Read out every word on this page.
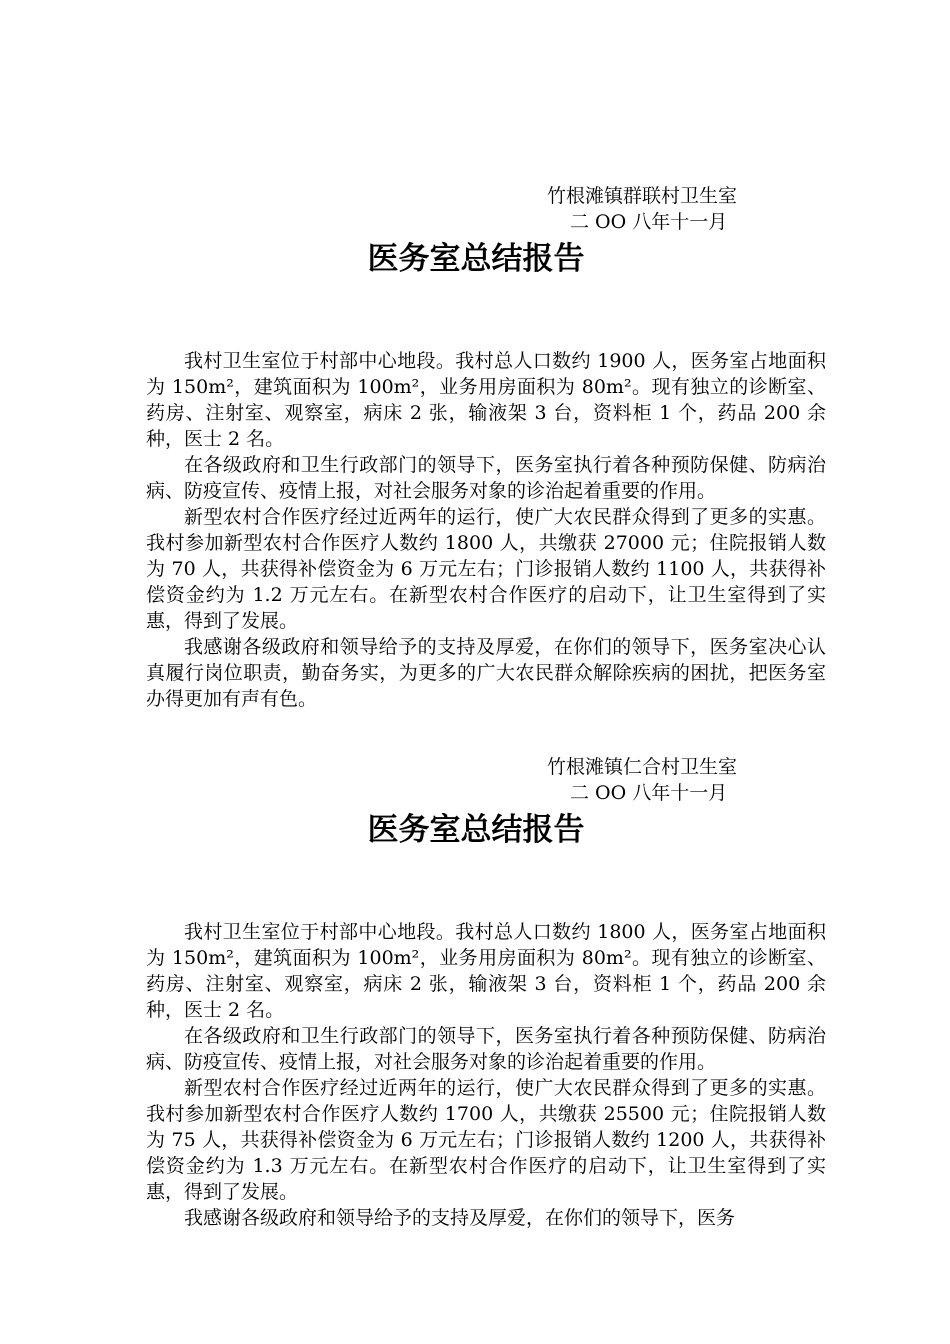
竹根滩镇群联村卫生室
二 OO 八年十一月
医务室总结报告

我村卫生室位于村部中心地段。我村总人口数约 1900 人，医务室占地面积为 150m²，建筑面积为 100m²，业务用房面积为 80m²。现有独立的诊断室、药房、注射室、观察室，病床 2 张，输液架 3 台，资料柜 1 个，药品 200 余种，医士 2 名。

在各级政府和卫生行政部门的领导下，医务室执行着各种预防保健、防病治病、防疫宣传、疫情上报，对社会服务对象的诊治起着重要的作用。

新型农村合作医疗经过近两年的运行，使广大农民群众得到了更多的实惠。我村参加新型农村合作医疗人数约 1800 人，共缴获 27000 元；住院报销人数为 70 人，共获得补偿资金为 6 万元左右；门诊报销人数约 1100 人，共获得补偿资金约为 1.2 万元左右。在新型农村合作医疗的启动下，让卫生室得到了实惠，得到了发展。

我感谢各级政府和领导给予的支持及厚爱，在你们的领导下，医务室决心认真履行岗位职责，勤奋务实，为更多的广大农民群众解除疾病的困扰，把医务室办得更加有声有色。

竹根滩镇仁合村卫生室
二 OO 八年十一月
医务室总结报告

我村卫生室位于村部中心地段。我村总人口数约 1800 人，医务室占地面积为 150m²，建筑面积为 100m²，业务用房面积为 80m²。现有独立的诊断室、药房、注射室、观察室，病床 2 张，输液架 3 台，资料柜 1 个，药品 200 余种，医士 2 名。

在各级政府和卫生行政部门的领导下，医务室执行着各种预防保健、防病治病、防疫宣传、疫情上报，对社会服务对象的诊治起着重要的作用。

新型农村合作医疗经过近两年的运行，使广大农民群众得到了更多的实惠。我村参加新型农村合作医疗人数约 1700 人，共缴获 25500 元；住院报销人数为 75 人，共获得补偿资金为 6 万元左右；门诊报销人数约 1200 人，共获得补偿资金约为 1.3 万元左右。在新型农村合作医疗的启动下，让卫生室得到了实惠，得到了发展。

我感谢各级政府和领导给予的支持及厚爱，在你们的领导下，医务
